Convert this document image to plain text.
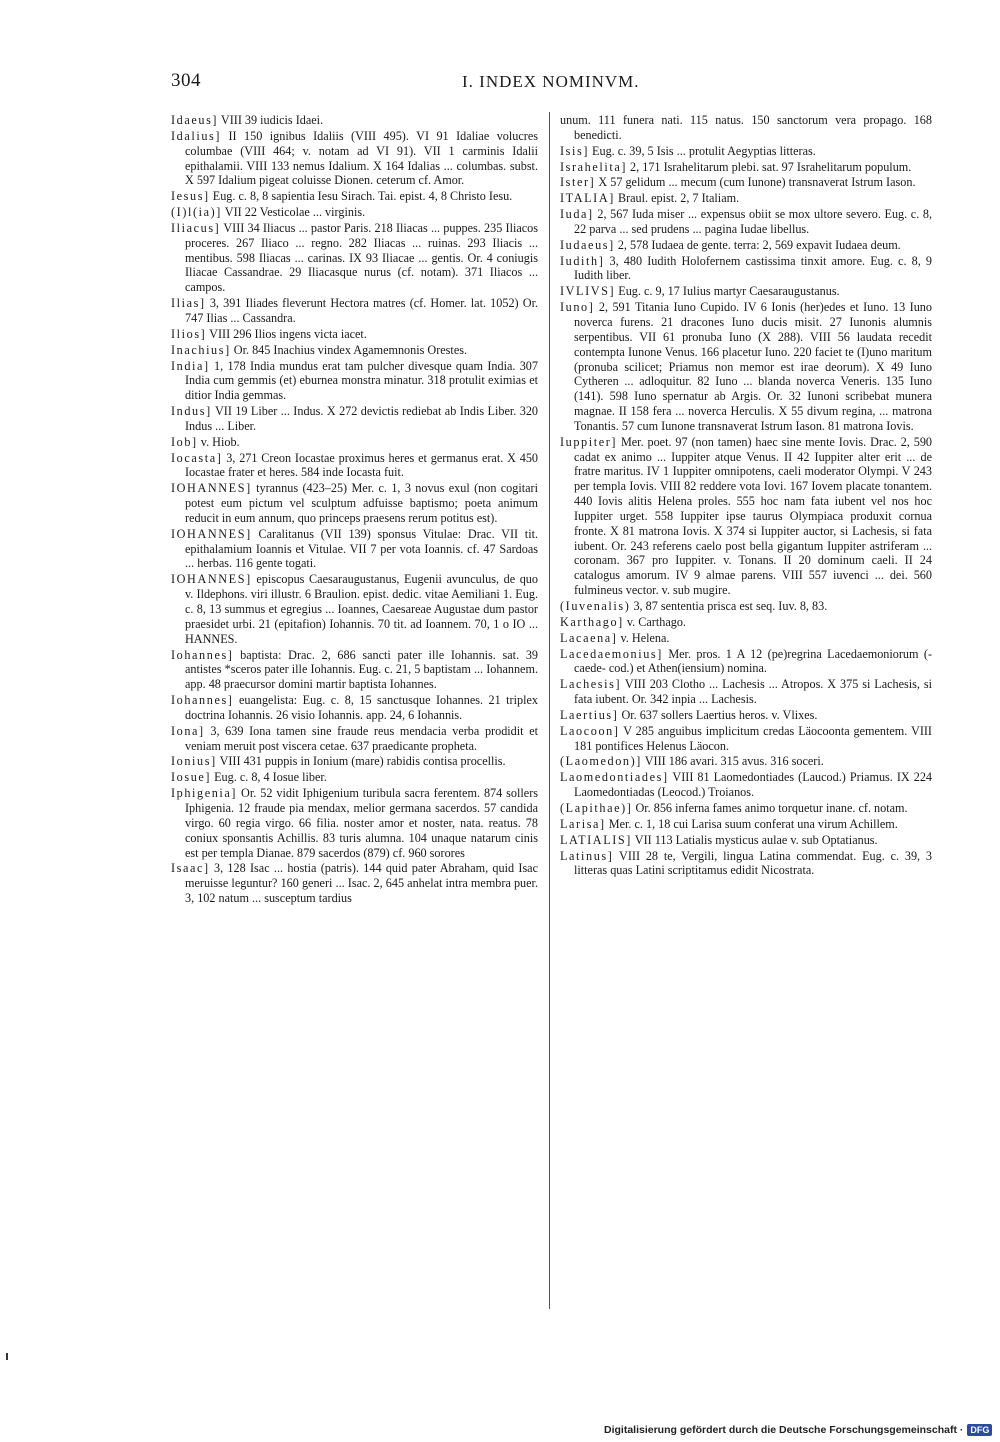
304	I. INDEX NOMINVM.
Idaeus] VIII 39 iudicis Idaei.
Idalius] II 150 ignibus Idaliis (VIII 495). VI 91 Idaliae volucres columbae (VIII 464; v. notam ad VI 91). VII 1 carminis Idalii epithalamii. VIII 133 nemus Idalium. X 164 Idalias ... columbas. subst. X 597 Idalium pigeat coluisse Dionen. ceterum cf. Amor.
Iesus] Eug. c. 8, 8 sapientia Iesu Sirach. Tai. epist. 4, 8 Christo Iesu.
(I)l(ia)] VII 22 Vesticolae ... virginis.
Iliacus] VIII 34 Iliacus ... pastor Paris. 218 Iliacas ... puppes. 235 Iliacos proceres. 267 Iliaco ... regno. 282 Iliacas ... ruinas. 293 Iliacis ... mentibus. 598 Iliacas ... carinas. IX 93 Iliacae ... gentis. Or. 4 coniugis Iliacae Cassandrae. 29 Iliacasque nurus (cf. notam). 371 Iliacos ... campos.
Ilias] 3, 391 Iliades fleverunt Hectora matres (cf. Homer. lat. 1052) Or. 747 Ilias ... Cassandra.
Ilios] VIII 296 Ilios ingens victa iacet.
Inachius] Or. 845 Inachius vindex Agamemnonis Orestes.
India] 1, 178 India mundus erat tam pulcher divesque quam India. 307 India cum gemmis (et) eburnea monstra minatur. 318 protulit eximias et ditior India gemmas.
Indus] VII 19 Liber ... Indus. X 272 devictis rediebat ab Indis Liber. 320 Indus ... Liber.
Iob] v. Hiob.
Iocasta] 3, 271 Creon Iocastae proximus heres et germanus erat. X 450 Iocastae frater et heres. 584 inde Iocasta fuit.
IOHANNES] tyrannus (423–25) Mer. c. 1, 3 novus exul (non cogitari potest eum pictum vel sculptum adfuisse baptismo; poeta animum reducit in eum annum, quo princeps praesens rerum potitus est).
IOHANNES] Caralitanus (VII 139) sponsus Vitulae: Drac. VII tit. epithalamium Ioannis et Vitulae. VII 7 per vota Ioannis. cf. 47 Sardoas ... herbas. 116 gente togati.
IOHANNES] episcopus Caesaraugustanus, Eugenii avunculus, de quo v. Ildephons. viri illustr. 6 Braulion. epist. dedic. vitae Aemiliani 1. Eug. c. 8, 13 summus et egregius ... Ioannes, Caesareae Augustae dum pastor praesidet urbi. 21 (epitafion) Iohannis. 70 tit. ad Ioannem. 70, 1 o IO ... HANNES.
Iohannes] baptista: Drac. 2, 686 sancti pater ille Iohannis. sat. 39 antistes *sceros pater ille Iohannis. Eug. c. 21, 5 baptistam ... Iohannem. app. 48 praecursor domini martir baptista Iohannes.
Iohannes] euangelista: Eug. c. 8, 15 sanctusque Iohannes. 21 triplex doctrina Iohannis. 26 visio Iohannis. app. 24, 6 Iohannis.
Iona] 3, 639 Iona tamen sine fraude reus mendacia verba prodidit et veniam meruit post viscera cetae. 637 praedicante propheta.
Ionius] VIII 431 puppis in Ionium (mare) rabidis contisa procellis.
Iosue] Eug. c. 8, 4 Iosue liber.
Iphigenia] Or. 52 vidit Iphigenium turibula sacra ferentem. 874 sollers Iphigenia. 12 fraude pia mendax, melior germana sacerdos. 57 candida virgo. 60 regia virgo. 66 filia. noster amor et noster, nata. reatus. 78 coniux sponsantis Achillis. 83 turis alumna. 104 unaque natarum cinis est per templa Dianae. 879 sacerdos (879) cf. 960 sorores
Isaac] 3, 128 Isac ... hostia (patris). 144 quid pater Abraham, quid Isac meruisse leguntur? 160 generi ... Isac. 2, 645 anhelat intra membra puer. 3, 102 natum ... susceptum tardius
unum. 111 funera nati. 115 natus. 150 sanctorum vera propago. 168 benedicti.
Isis] Eug. c. 39, 5 Isis ... protulit Aegyptias litteras.
Israhelita] 2, 171 Israhelitarum plebi. sat. 97 Israhelitarum populum.
Ister] X 57 gelidum ... mecum (cum Iunone) transnaverat Istrum Iason.
ITALIA] Braul. epist. 2, 7 Italiam.
Iuda] 2, 567 Iuda miser ... expensus obiit se mox ultore severo. Eug. c. 8, 22 parva ... sed prudens ... pagina Iudae libellus.
Iudaeus] 2, 578 Iudaea de gente. terra: 2, 569 expavit Iudaea deum.
Iudith] 3, 480 Iudith Holofernem castissima tinxit amore. Eug. c. 8, 9 Iudith liber.
IVLIVS] Eug. c. 9, 17 Iulius martyr Caesaraugustanus.
Iuno] 2, 591 Titania Iuno Cupido. IV 6 Ionis (her)edes et Iuno. 13 Iuno noverca furens. 21 dracones Iuno ducis misit. 27 Iunonis alumnis serpentibus. VII 61 pronuba Iuno (X 288). VIII 56 laudata recedit contempta Iunone Venus. 166 placetur Iuno. 220 faciet te (I)uno maritum (pronuba scilicet; Priamus non memor est irae deorum). X 49 Iuno Cytheren ... adloquitur. 82 Iuno ... blanda noverca Veneris. 135 Iuno (141). 598 Iuno spernatur ab Argis. Or. 32 Iunoni scribebat munera magnae. II 158 fera ... noverca Herculis. X 55 divum regina, ... matrona Tonantis. 57 cum Iunone transnaverat Istrum Iason. 81 matrona Iovis.
Iuppiter] Mer. poet. 97 (non tamen) haec sine mente Iovis. Drac. 2, 590 cadat ex animo ... Iuppiter atque Venus. II 42 Iuppiter alter erit ... de fratre maritus. IV 1 Iuppiter omnipotens, caeli moderator Olympi. V 243 per templa Iovis. VIII 82 reddere vota Iovi. 167 Iovem placate tonantem. 440 Iovis alitis Helena proles. 555 hoc nam fata iubent vel nos hoc Iuppiter urget. 558 Iuppiter ipse taurus Olympiaca produxit cornua fronte. X 81 matrona Iovis. X 374 si Iuppiter auctor, si Lachesis, si fata iubent. Or. 243 referens caelo post bella gigantum Iuppiter astriferam ... coronam. 367 pro Iuppiter. v. Tonans. II 20 dominum caeli. II 24 catalogus amorum. IV 9 almae parens. VIII 557 iuvenci ... dei. 560 fulmineus vector. v. sub mugire.
(Iuvenalis) 3, 87 sententia prisca est seq. Iuv. 8, 83.
Karthago] v. Carthago.
Lacaena] v. Helena.
Lacedaemonius] Mer. pros. 1 A 12 (pe)regrina Lacedaemoniorum (-caede- cod.) et Athen(iensium) nomina.
Lachesis] VIII 203 Clotho ... Lachesis ... Atropos. X 375 si Lachesis, si fata iubent. Or. 342 inpia ... Lachesis.
Laertius] Or. 637 sollers Laertius heros. v. Vlixes.
Laocoon] V 285 anguibus implicitum credas Läocoonta gementem. VIII 181 pontifices Helenus Läocon.
(Laomedon)] VIII 186 avari. 315 avus. 316 soceri.
Laomedontiades] VIII 81 Laomedontiades (Laucod.) Priamus. IX 224 Laomedontiadas (Leocod.) Troianos.
(Lapithae)] Or. 856 inferna fames animo torquetur inane. cf. notam.
Larisa] Mer. c. 1, 18 cui Larisa suum conferat una virum Achillem.
LATIALIS] VII 113 Latialis mysticus aulae v. sub Optatianus.
Latinus] VIII 28 te, Vergili, lingua Latina commendat. Eug. c. 39, 3 litteras quas Latini scriptitamus edidit Nicostrata.
Digitalisierung gefördert durch die Deutsche Forschungsgemeinschaft · DFG
